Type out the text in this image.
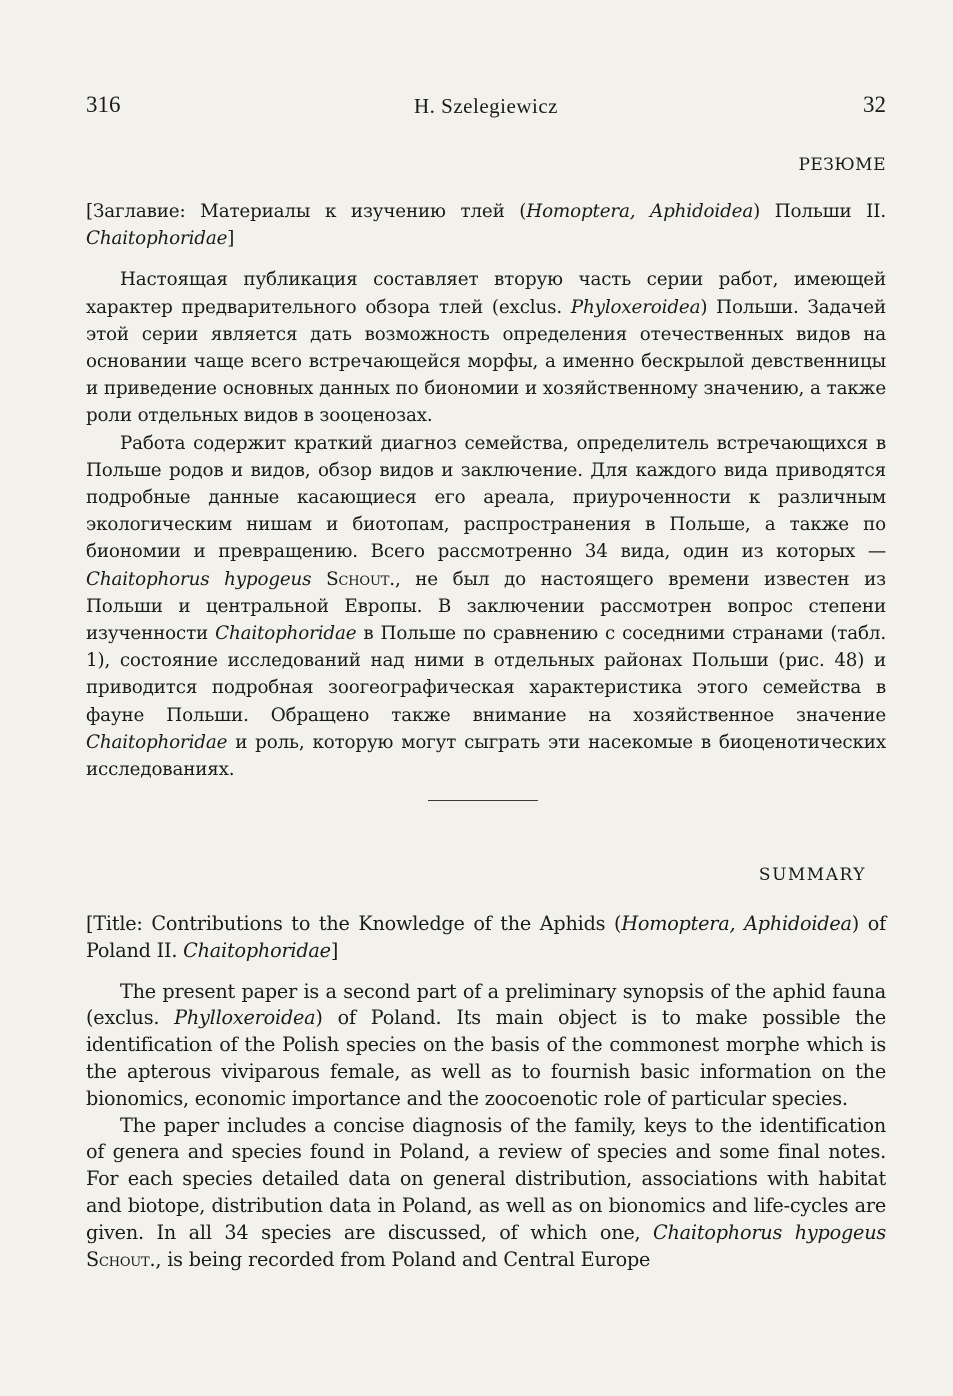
316	H. Szelegiewicz	32
РЕЗЮМЕ

[Заглавие: Материалы к изучению тлей (Homoptera, Aphidoidea) Польши II. Chaitophoridae]

Настоящая публикация составляет вторую часть серии работ, имеющей характер предварительного обзора тлей (exclus. Phyloxeroidea) Польши. Задачей этой серии является дать возможность определения отечественных видов на основании чаще всего встречающейся морфы, а именно бескрылой девственницы и приведение основных данных по биономии и хозяйственному значению, а также роли отдельных видов в зооценозах.

Работа содержит краткий диагноз семейства, определитель встречающихся в Польше родов и видов, обзор видов и заключение. Для каждого вида приводятся подробные данные касающиеся его ареала, приуроченности к различным экологическим нишам и биотопам, распространения в Польше, а также по биономии и превращению. Всего рассмотренно 34 вида, один из которых — Chaitophorus hypogeus Schout., не был до настоящего времени известен из Польши и центральной Европы. В заключении рассмотрен вопрос степени изученности Chaitophoridae в Польше по сравнению с соседними странами (табл. 1), состояние исследований над ними в отдельных районах Польши (рис. 48) и приводится подробная зоогеографическая характеристика этого семейства в фауне Польши. Обращено также внимание на хозяйственное значение Chaitophoridae и роль, которую могут сыграть эти насекомые в биоценотических исследованиях.

SUMMARY

[Title: Contributions to the Knowledge of the Aphids (Homoptera, Aphidoidea) of Poland II. Chaitophoridae]

The present paper is a second part of a preliminary synopsis of the aphid fauna (exclus. Phylloxeroidea) of Poland. Its main object is to make possible the identification of the Polish species on the basis of the commonest morphe which is the apterous viviparous female, as well as to fournish basic information on the bionomics, economic importance and the zoocoenotic role of particular species.

The paper includes a concise diagnosis of the family, keys to the identification of genera and species found in Poland, a review of species and some final notes. For each species detailed data on general distribution, associations with habitat and biotope, distribution data in Poland, as well as on bionomics and life-cycles are given. In all 34 species are discussed, of which one, Chaitophorus hypogeus Schout., is being recorded from Poland and Central Europe
